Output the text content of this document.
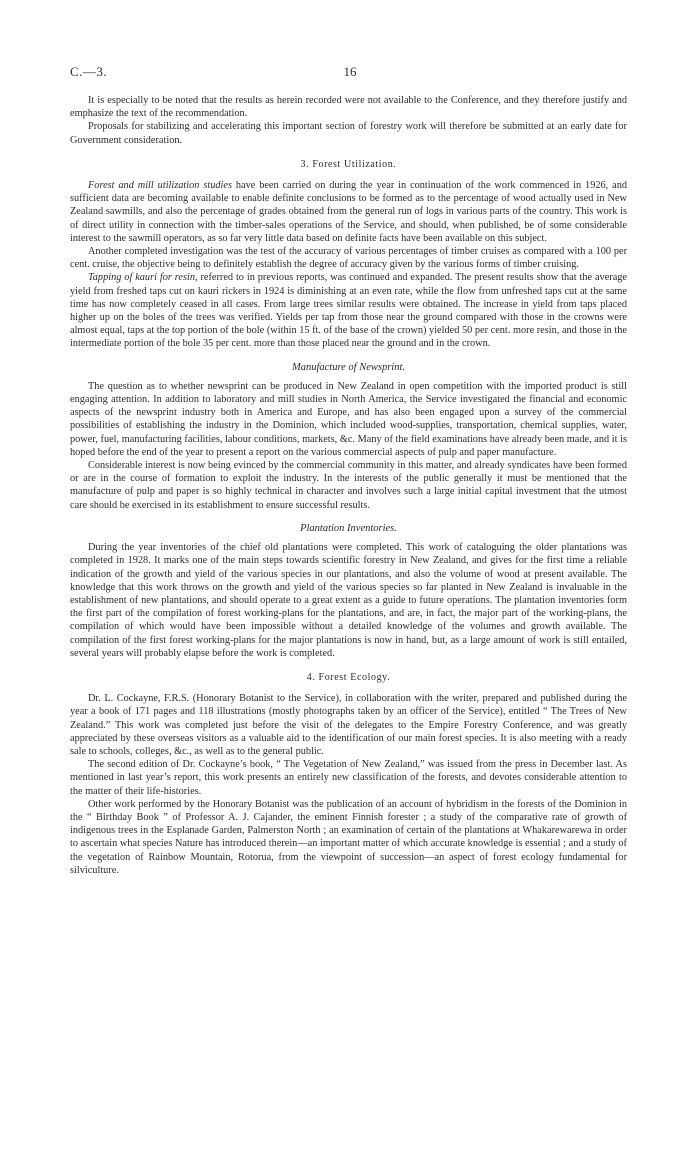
C.—3.	16

It is especially to be noted that the results as herein recorded were not available to the Conference, and they therefore justify and emphasize the text of the recommendation.

Proposals for stabilizing and accelerating this important section of forestry work will therefore be submitted at an early date for Government consideration.

3. Forest Utilization.

Forest and mill utilization studies have been carried on during the year in continuation of the work commenced in 1926, and sufficient data are becoming available to enable definite conclusions to be formed as to the percentage of wood actually used in New Zealand sawmills, and also the percentage of grades obtained from the general run of logs in various parts of the country. This work is of direct utility in connection with the timber-sales operations of the Service, and should, when published, be of some considerable interest to the sawmill operators, as so far very little data based on definite facts have been available on this subject.

Another completed investigation was the test of the accuracy of various percentages of timber cruises as compared with a 100 per cent. cruise, the objective being to definitely establish the degree of accuracy given by the various forms of timber cruising.

Tapping of kauri for resin, referred to in previous reports, was continued and expanded. The present results show that the average yield from freshed taps cut on kauri rickers in 1924 is diminishing at an even rate, while the flow from unfreshed taps cut at the same time has now completely ceased in all cases. From large trees similar results were obtained. The increase in yield from taps placed higher up on the boles of the trees was verified. Yields per tap from those near the ground compared with those in the crowns were almost equal, taps at the top portion of the bole (within 15 ft. of the base of the crown) yielded 50 per cent. more resin, and those in the intermediate portion of the bole 35 per cent. more than those placed near the ground and in the crown.

Manufacture of Newsprint.

The question as to whether newsprint can be produced in New Zealand in open competition with the imported product is still engaging attention. In addition to laboratory and mill studies in North America, the Service investigated the financial and economic aspects of the newsprint industry both in America and Europe, and has also been engaged upon a survey of the commercial possibilities of establishing the industry in the Dominion, which included wood-supplies, transportation, chemical supplies, water, power, fuel, manufacturing facilities, labour conditions, markets, &c. Many of the field examinations have already been made, and it is hoped before the end of the year to present a report on the various commercial aspects of pulp and paper manufacture.

Considerable interest is now being evinced by the commercial community in this matter, and already syndicates have been formed or are in the course of formation to exploit the industry. In the interests of the public generally it must be mentioned that the manufacture of pulp and paper is so highly technical in character and involves such a large initial capital investment that the utmost care should be exercised in its establishment to ensure successful results.

Plantation Inventories.

During the year inventories of the chief old plantations were completed. This work of cataloguing the older plantations was completed in 1928. It marks one of the main steps towards scientific forestry in New Zealand, and gives for the first time a reliable indication of the growth and yield of the various species in our plantations, and also the volume of wood at present available. The knowledge that this work throws on the growth and yield of the various species so far planted in New Zealand is invaluable in the establishment of new plantations, and should operate to a great extent as a guide to future operations. The plantation inventories form the first part of the compilation of forest working-plans for the plantations, and are, in fact, the major part of the working-plans, the compilation of which would have been impossible without a detailed knowledge of the volumes and growth available. The compilation of the first forest working-plans for the major plantations is now in hand, but, as a large amount of work is still entailed, several years will probably elapse before the work is completed.

4. Forest Ecology.

Dr. L. Cockayne, F.R.S. (Honorary Botanist to the Service), in collaboration with the writer, prepared and published during the year a book of 171 pages and 118 illustrations (mostly photographs taken by an officer of the Service), entitled “ The Trees of New Zealand.” This work was completed just before the visit of the delegates to the Empire Forestry Conference, and was greatly appreciated by these overseas visitors as a valuable aid to the identification of our main forest species. It is also meeting with a ready sale to schools, colleges, &c., as well as to the general public.

The second edition of Dr. Cockayne’s book, “ The Vegetation of New Zealand,” was issued from the press in December last. As mentioned in last year’s report, this work presents an entirely new classification of the forests, and devotes considerable attention to the matter of their life-histories.

Other work performed by the Honorary Botanist was the publication of an account of hybridism in the forests of the Dominion in the “ Birthday Book ” of Professor A. J. Cajander, the eminent Finnish forester ; a study of the comparative rate of growth of indigenous trees in the Esplanade Garden, Palmerston North ; an examination of certain of the plantations at Whakarewarewa in order to ascertain what species Nature has introduced therein—an important matter of which accurate knowledge is essential ; and a study of the vegetation of Rainbow Mountain, Rotorua, from the viewpoint of succession—an aspect of forest ecology fundamental for silviculture.
